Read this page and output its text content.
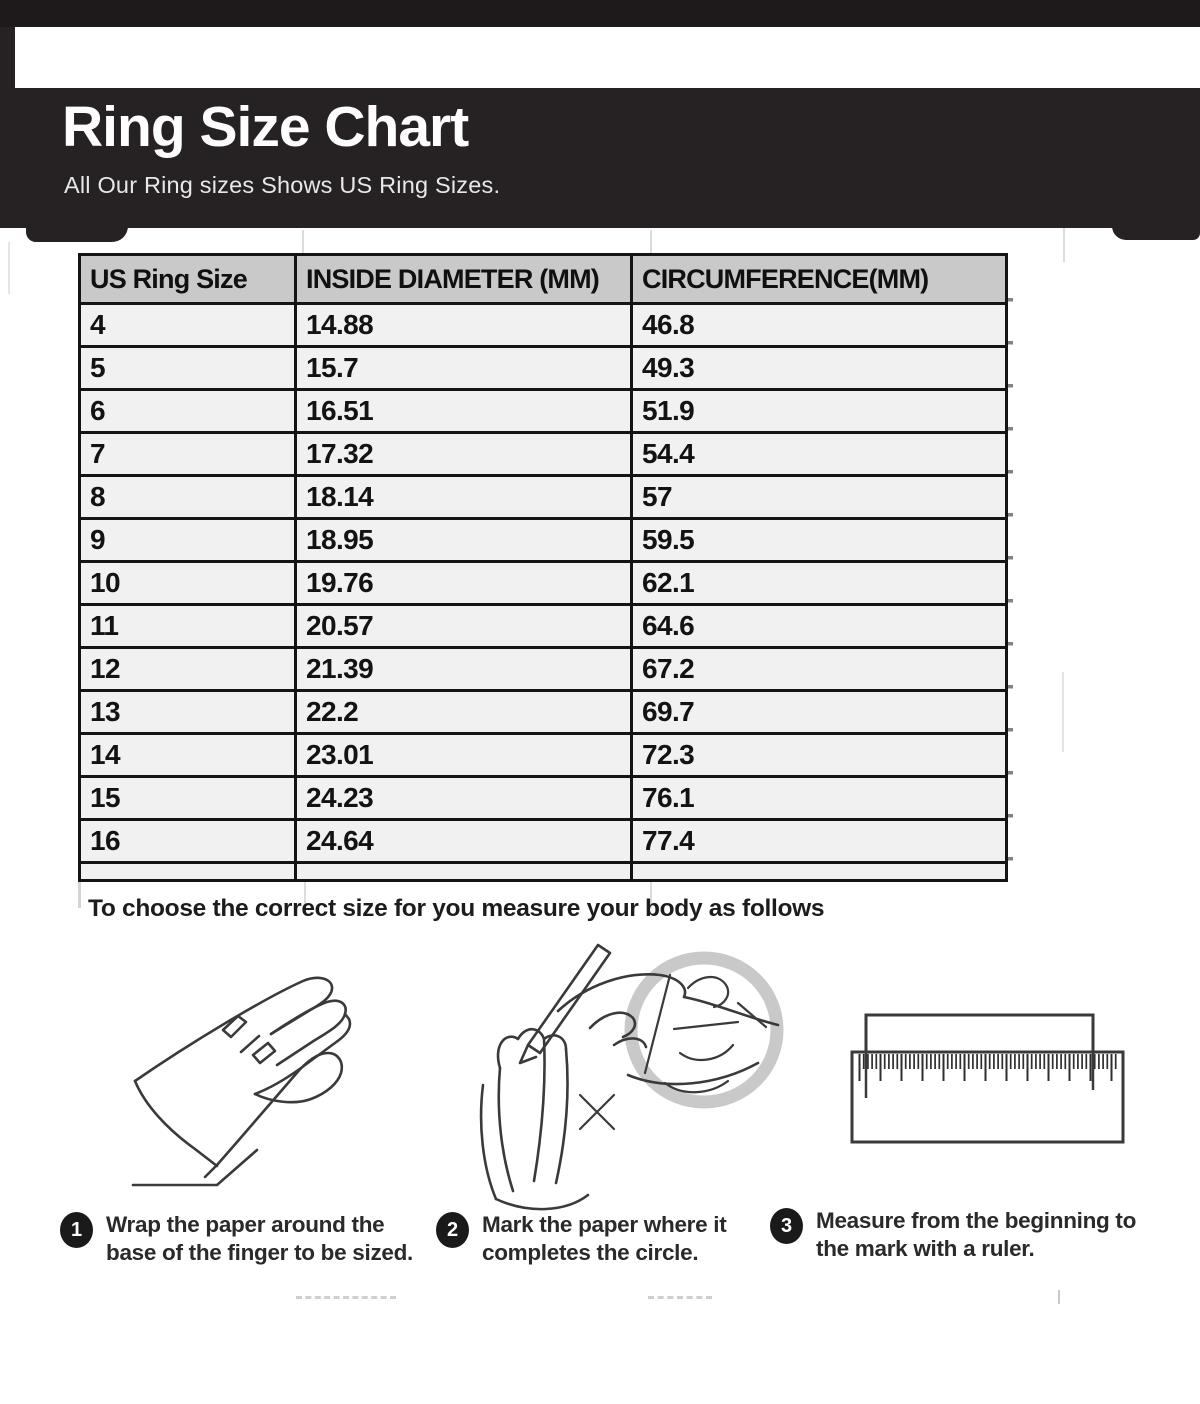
Ring Size Chart

All Our Ring sizes Shows US Ring Sizes.

US Ring Size	INSIDE DIAMETER (MM)	CIRCUMFERENCE(MM)
4	14.88	46.8
5	15.7	49.3
6	16.51	51.9
7	17.32	54.4
8	18.14	57
9	18.95	59.5
10	19.76	62.1
11	20.57	64.6
12	21.39	67.2
13	22.2	69.7
14	23.01	72.3
15	24.23	76.1
16	24.64	77.4

To choose the correct size for you measure your body as follows
1	Wrap the paper around the
base of the finger to be sized.
2	Mark the paper where it
completes the circle.
3	Measure from the beginning to
the mark with a ruler.
